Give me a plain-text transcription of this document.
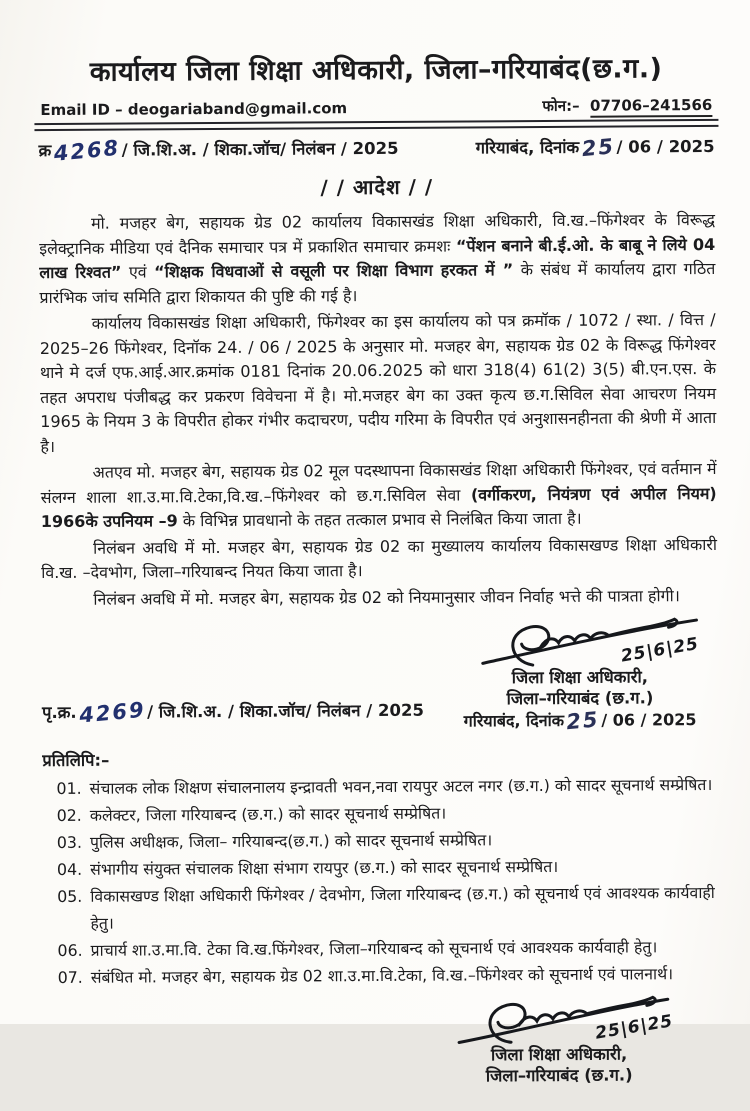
कार्यालय जिला शिक्षा अधिकारी, जिला–गरियाबंद(छ.ग.)
Email ID – deogariaband@gmail.com	फोन:– 07706–241566
क्र4268/ जि.शि.अ. / शिका.जॉच/ निलंबन / 2025	गरियाबंद, दिनांक25/ 06 / 2025
/ / आदेश / /

मो. मजहर बेग, सहायक ग्रेड 02 कार्यालय विकासखंड शिक्षा अधिकारी, वि.ख.–फिंगेश्वर के विरूद्ध इलेक्ट्रानिक मीडिया एवं दैनिक समाचार पत्र में प्रकाशित समाचार क्रमशः “पेंशन बनाने बी.ई.ओ. के बाबू ने लिये 04 लाख रिश्वत” एवं “शिक्षक विधवाओं से वसूली पर शिक्षा विभाग हरकत में ” के संबंध में कार्यालय द्वारा गठित प्रारंभिक जांच समिति द्वारा शिकायत की पुष्टि की गई है।

कार्यालय विकासखंड शिक्षा अधिकारी, फिंगेश्वर का इस कार्यालय को पत्र क्रमॉक / 1072 / स्था. / वित्त / 2025–26 फिंगेश्वर, दिनॉक 24. / 06 / 2025 के अनुसार मो. मजहर बेग, सहायक ग्रेड 02 के विरूद्ध फिंगेश्वर थाने मे दर्ज एफ.आई.आर.क्रमांक 0181 दिनांक 20.06.2025 को धारा 318(4) 61(2) 3(5) बी.एन.एस. के तहत अपराध पंजीबद्ध कर प्रकरण विवेचना में है। मो.मजहर बेग का उक्त कृत्य छ.ग.सिविल सेवा आचरण नियम 1965 के नियम 3 के विपरीत होकर गंभीर कदाचरण, पदीय गरिमा के विपरीत एवं अनुशासनहीनता की श्रेणी में आता है।

अतएव मो. मजहर बेग, सहायक ग्रेड 02 मूल पदस्थापना विकासखंड शिक्षा अधिकारी फिंगेश्वर, एवं वर्तमान में संलग्न शाला शा.उ.मा.वि.टेका,वि.ख.–फिंगेश्वर को छ.ग.सिविल सेवा (वर्गीकरण, नियंत्रण एवं अपील नियम) 1966के उपनियम –9 के विभिन्न प्रावधानो के तहत तत्काल प्रभाव से निलंबित किया जाता है।

निलंबन अवधि में मो. मजहर बेग, सहायक ग्रेड 02 का मुख्यालय कार्यालय विकासखण्ड शिक्षा अधिकारी वि.ख. –देवभोग, जिला–गरियाबन्द नियत किया जाता है।

निलंबन अवधि में मो. मजहर बेग, सहायक ग्रेड 02 को नियमानुसार जीवन निर्वाह भत्ते की पात्रता होगी।

25|6|25
जिला शिक्षा अधिकारी,
जिला–गरियाबंद (छ.ग.)
गरियाबंद, दिनांक25/ 06 / 2025
पृ.क्र.4269/ जि.शि.अ. / शिका.जॉच/ निलंबन / 2025
प्रतिलिपि:–
01. संचालक लोक शिक्षण संचालनालय इन्द्रावती भवन,नवा रायपुर अटल नगर (छ.ग.) को सादर सूचनार्थ सम्प्रेषित।
02. कलेक्टर, जिला गरियाबन्द (छ.ग.) को सादर सूचनार्थ सम्प्रेषित।
03. पुलिस अधीक्षक, जिला– गरियाबन्द(छ.ग.) को सादर सूचनार्थ सम्प्रेषित।
04. संभागीय संयुक्त संचालक शिक्षा संभाग रायपुर (छ.ग.) को सादर सूचनार्थ सम्प्रेषित।
05. विकासखण्ड शिक्षा अधिकारी फिंगेश्वर / देवभोग, जिला गरियाबन्द (छ.ग.) को सूचनार्थ एवं आवश्यक कार्यवाही हेतु।
06. प्राचार्य शा.उ.मा.वि. टेका वि.ख.फिंगेश्वर, जिला–गरियाबन्द को सूचनार्थ एवं आवश्यक कार्यवाही हेतु।
07. संबंधित मो. मजहर बेग, सहायक ग्रेड 02 शा.उ.मा.वि.टेका, वि.ख.–फिंगेश्वर को सूचनार्थ एवं पालनार्थ।
25|6|25
जिला शिक्षा अधिकारी,
जिला–गरियाबंद (छ.ग.)
